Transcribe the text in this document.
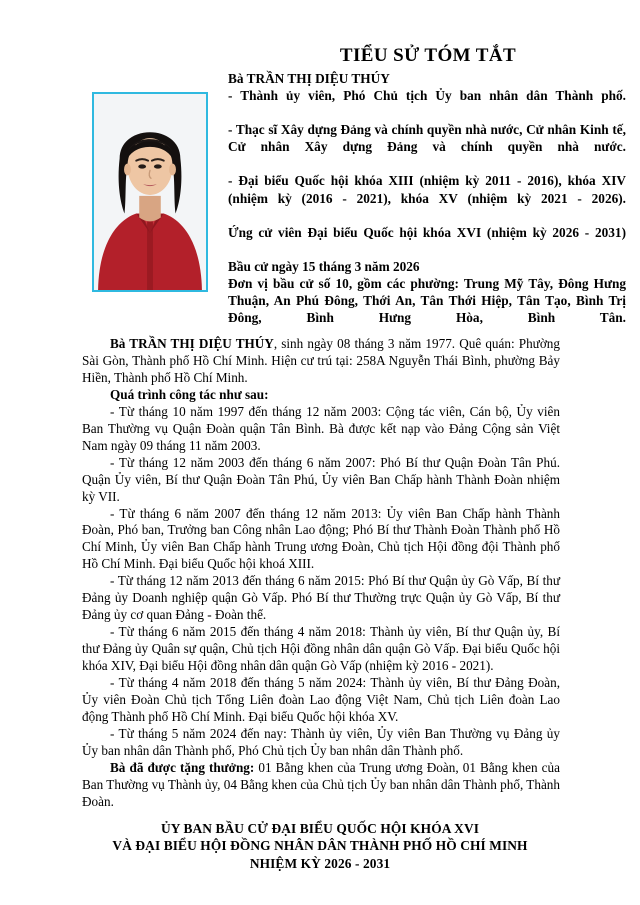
TIỂU SỬ TÓM TẮT
Bà TRẦN THỊ DIỆU THÚY
- Thành ủy viên, Phó Chủ tịch Ủy ban nhân dân Thành phố.
- Thạc sĩ Xây dựng Đảng và chính quyền nhà nước, Cử nhân Kinh tế, Cử nhân Xây dựng Đảng và chính quyền nhà nước.
- Đại biểu Quốc hội khóa XIII (nhiệm kỳ 2011 - 2016), khóa XIV (nhiệm kỳ (2016 - 2021), khóa XV (nhiệm kỳ 2021 - 2026).
Ứng cử viên Đại biểu Quốc hội khóa XVI (nhiệm kỳ 2026 - 2031)
Bầu cử ngày 15 tháng 3 năm 2026
Đơn vị bầu cử số 10, gồm các phường: Trung Mỹ Tây, Đông Hưng Thuận, An Phú Đông, Thới An, Tân Thới Hiệp, Tân Tạo, Bình Trị Đông, Bình Hưng Hòa, Bình Tân.

Bà TRẦN THỊ DIỆU THÚY, sinh ngày 08 tháng 3 năm 1977. Quê quán: Phường Sài Gòn, Thành phố Hồ Chí Minh. Hiện cư trú tại: 258A Nguyễn Thái Bình, phường Bảy Hiền, Thành phố Hồ Chí Minh.

Quá trình công tác như sau:

- Từ tháng 10 năm 1997 đến tháng 12 năm 2003: Cộng tác viên, Cán bộ, Ủy viên Ban Thường vụ Quận Đoàn quận Tân Bình. Bà được kết nạp vào Đảng Cộng sản Việt Nam ngày 09 tháng 11 năm 2003.

- Từ tháng 12 năm 2003 đến tháng 6 năm 2007: Phó Bí thư Quận Đoàn Tân Phú. Quận Ủy viên, Bí thư Quận Đoàn Tân Phú, Ủy viên Ban Chấp hành Thành Đoàn nhiệm kỳ VII.

- Từ tháng 6 năm 2007 đến tháng 12 năm 2013: Ủy viên Ban Chấp hành Thành Đoàn, Phó ban, Trưởng ban Công nhân Lao động; Phó Bí thư Thành Đoàn Thành phố Hồ Chí Minh, Ủy viên Ban Chấp hành Trung ương Đoàn, Chủ tịch Hội đồng đội Thành phố Hồ Chí Minh. Đại biểu Quốc hội khoá XIII.

- Từ tháng 12 năm 2013 đến tháng 6 năm 2015: Phó Bí thư Quận ủy Gò Vấp, Bí thư Đảng ủy Doanh nghiệp quận Gò Vấp. Phó Bí thư Thường trực Quận ủy Gò Vấp, Bí thư Đảng ủy cơ quan Đảng - Đoàn thể.

- Từ tháng 6 năm 2015 đến tháng 4 năm 2018: Thành ủy viên, Bí thư Quận ủy, Bí thư Đảng ủy Quân sự quận, Chủ tịch Hội đồng nhân dân quận Gò Vấp. Đại biểu Quốc hội khóa XIV, Đại biểu Hội đồng nhân dân quận Gò Vấp (nhiệm kỳ 2016 - 2021).

- Từ tháng 4 năm 2018 đến tháng 5 năm 2024: Thành ủy viên, Bí thư Đảng Đoàn, Ủy viên Đoàn Chủ tịch Tổng Liên đoàn Lao động Việt Nam, Chủ tịch Liên đoàn Lao động Thành phố Hồ Chí Minh. Đại biểu Quốc hội khóa XV.

- Từ tháng 5 năm 2024 đến nay: Thành ủy viên, Ủy viên Ban Thường vụ Đảng ủy Ủy ban nhân dân Thành phố, Phó Chủ tịch Ủy ban nhân dân Thành phố.

Bà đã được tặng thưởng: 01 Bằng khen của Trung ương Đoàn, 01 Bằng khen của Ban Thường vụ Thành ủy, 04 Bằng khen của Chủ tịch Ủy ban nhân dân Thành phố, Thành Đoàn.

ỦY BAN BẦU CỬ ĐẠI BIỂU QUỐC HỘI KHÓA XVI
VÀ ĐẠI BIỂU HỘI ĐỒNG NHÂN DÂN THÀNH PHỐ HỒ CHÍ MINH
NHIỆM KỲ 2026 - 2031
